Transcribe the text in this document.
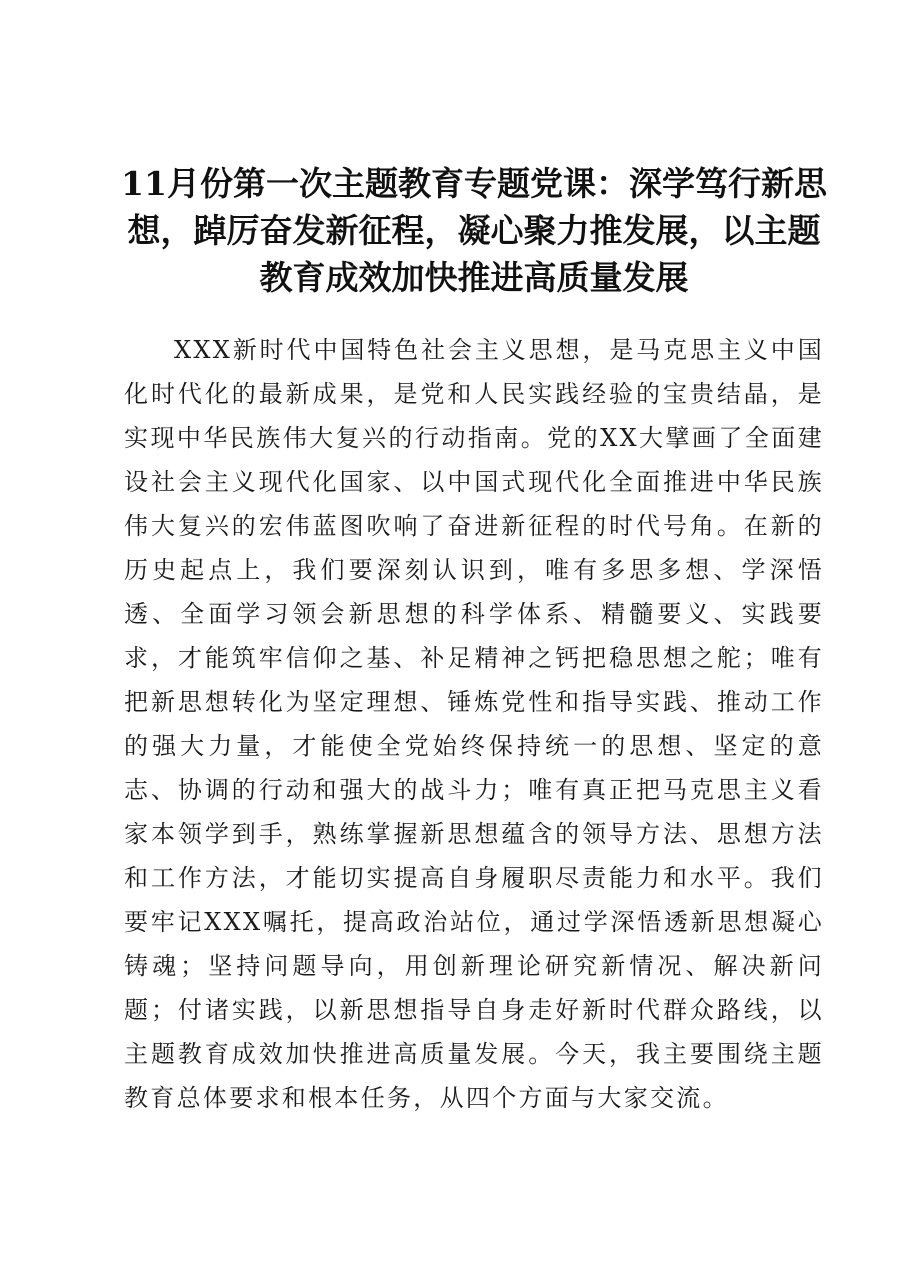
11月份第一次主题教育专题党课：深学笃行新思想，踔厉奋发新征程，凝心聚力推发展，以主题教育成效加快推进高质量发展

XXX新时代中国特色社会主义思想，是马克思主义中国化时代化的最新成果，是党和人民实践经验的宝贵结晶，是实现中华民族伟大复兴的行动指南。党的XX大擘画了全面建设社会主义现代化国家、以中国式现代化全面推进中华民族伟大复兴的宏伟蓝图吹响了奋进新征程的时代号角。在新的历史起点上，我们要深刻认识到，唯有多思多想、学深悟透、全面学习领会新思想的科学体系、精髓要义、实践要求，才能筑牢信仰之基、补足精神之钙把稳思想之舵；唯有把新思想转化为坚定理想、锤炼党性和指导实践、推动工作的强大力量，才能使全党始终保持统一的思想、坚定的意志、协调的行动和强大的战斗力；唯有真正把马克思主义看家本领学到手，熟练掌握新思想蕴含的领导方法、思想方法和工作方法，才能切实提高自身履职尽责能力和水平。我们要牢记XXX嘱托，提高政治站位，通过学深悟透新思想凝心铸魂；坚持问题导向，用创新理论研究新情况、解决新问题；付诸实践，以新思想指导自身走好新时代群众路线，以主题教育成效加快推进高质量发展。今天，我主要围绕主题教育总体要求和根本任务，从四个方面与大家交流。
